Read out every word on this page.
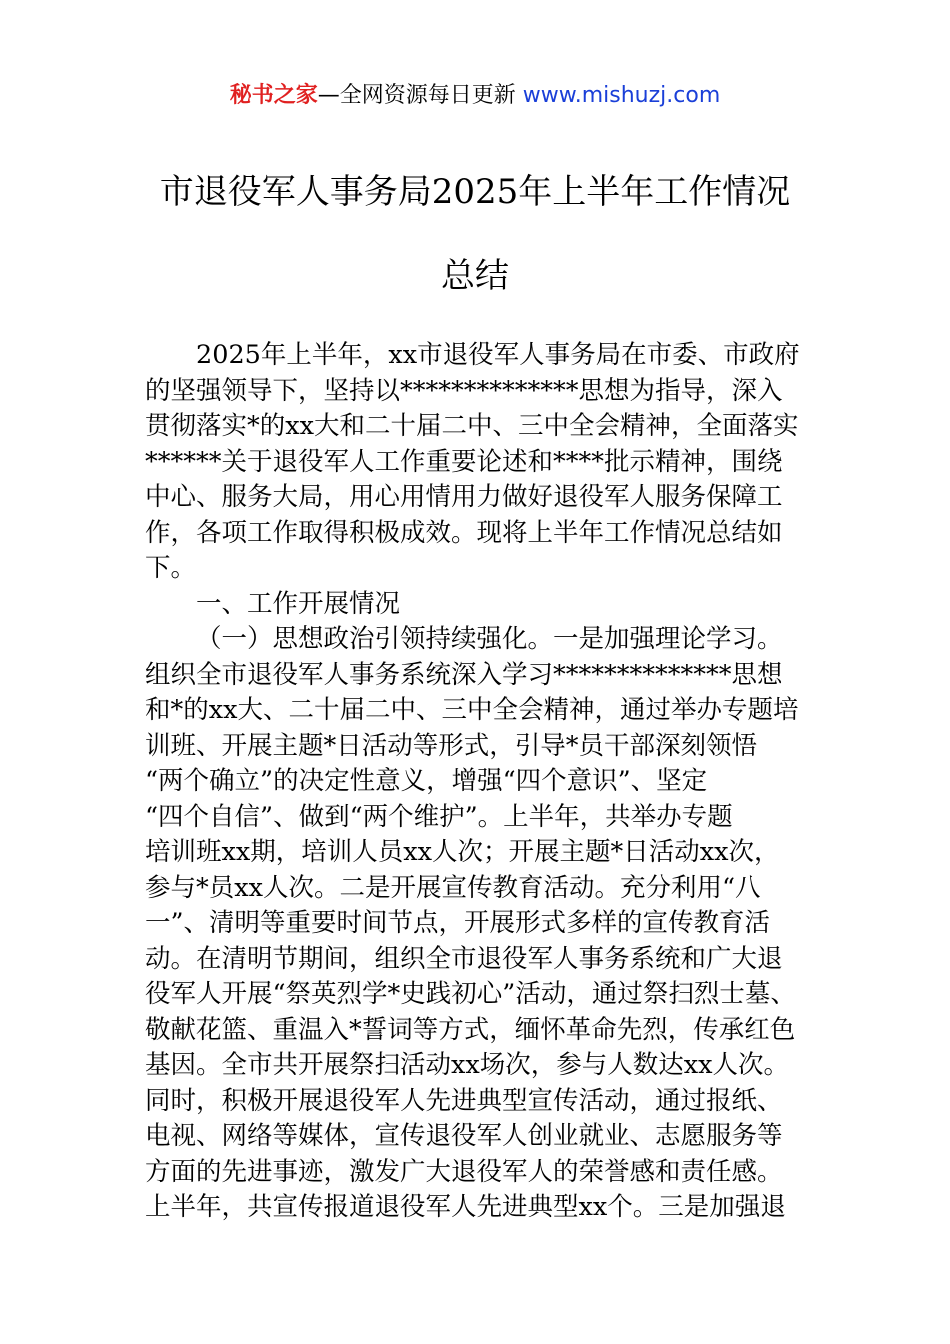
秘书之家—全网资源每日更新 www.mishuzj.com
市退役军人事务局2025年上半年工作情况
总结
2025年上半年，xx市退役军人事务局在市委、市政府
的坚强领导下，坚持以**************思想为指导，深入
贯彻落实*的xx大和二十届二中、三中全会精神，全面落实
******关于退役军人工作重要论述和****批示精神，围绕
中心、服务大局，用心用情用力做好退役军人服务保障工
作，各项工作取得积极成效。现将上半年工作情况总结如
下。
一、工作开展情况
（一）思想政治引领持续强化。一是加强理论学习。
组织全市退役军人事务系统深入学习**************思想
和*的xx大、二十届二中、三中全会精神，通过举办专题培
训班、开展主题*日活动等形式，引导*员干部深刻领悟
“两个确立”的决定性意义，增强“四个意识”、坚定
“四个自信”、做到“两个维护”。上半年，共举办专题
培训班xx期，培训人员xx人次；开展主题*日活动xx次，
参与*员xx人次。二是开展宣传教育活动。充分利用“八
一”、清明等重要时间节点，开展形式多样的宣传教育活
动。在清明节期间，组织全市退役军人事务系统和广大退
役军人开展“祭英烈学*史践初心”活动，通过祭扫烈士墓、
敬献花篮、重温入*誓词等方式，缅怀革命先烈，传承红色
基因。全市共开展祭扫活动xx场次，参与人数达xx人次。
同时，积极开展退役军人先进典型宣传活动，通过报纸、
电视、网络等媒体，宣传退役军人创业就业、志愿服务等
方面的先进事迹，激发广大退役军人的荣誉感和责任感。
上半年，共宣传报道退役军人先进典型xx个。三是加强退
